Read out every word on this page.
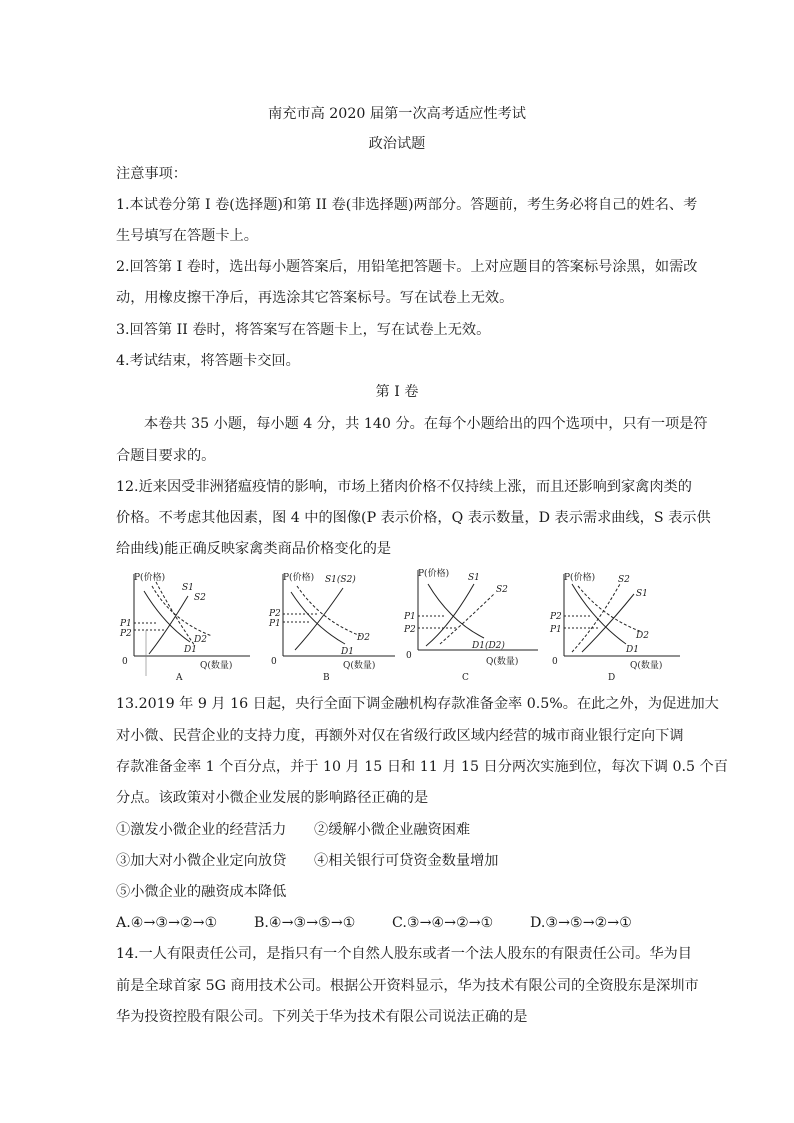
南充市高 2020 届第一次高考适应性考试
政治试题
注意事项：
1.本试卷分第 I 卷(选择题)和第 II 卷(非选择题)两部分。答题前，考生务必将自己的姓名、考
生号填写在答题卡上。
2.回答第 I 卷时，选出每小题答案后，用铅笔把答题卡。上对应题目的答案标号涂黑，如需改
动，用橡皮擦干净后，再选涂其它答案标号。写在试卷上无效。
3.回答第 II 卷时，将答案写在答题卡上，写在试卷上无效。
4.考试结束，将答题卡交回。
第 I 卷
本卷共 35 小题，每小题 4 分，共 140 分。在每个小题给出的四个选项中，只有一项是符
合题目要求的。
12.近来因受非洲猪瘟疫情的影响，市场上猪肉价格不仅持续上涨，而且还影响到家禽肉类的
价格。不考虑其他因素，图 4 中的图像(P 表示价格，Q 表示数量，D 表示需求曲线，S 表示供
给曲线)能正确反映家禽类商品价格变化的是
P(价格)
Q(数量)
0
S1
S2
D2
D1
P1
P2
A
P(价格)
Q(数量)
0
S1(S2)
D2
D1
P2
P1
B
P(价格)
Q(数量)
0
S1
S2
D1(D2)
P1
P2
C
P(价格)
Q(数量)
0
S2
S1
D2
D1
P2
P1
D
13.2019 年 9 月 16 日起，央行全面下调金融机构存款准备金率 0.5%。在此之外，为促进加大
对小微、民营企业的支持力度，再额外对仅在省级行政区域内经营的城市商业银行定向下调
存款准备金率 1 个百分点，并于 10 月 15 日和 11 月 15 日分两次实施到位，每次下调 0.5 个百
分点。该政策对小微企业发展的影响路径正确的是
①激发小微企业的经营活力 ②缓解小微企业融资困难
③加大对小微企业定向放贷 ④相关银行可贷资金数量增加
⑤小微企业的融资成本降低
A.④→③→②→①	B.④→③→⑤→①	C.③→④→②→①	D.③→⑤→②→①
14.一人有限责任公司，是指只有一个自然人股东或者一个法人股东的有限责任公司。华为目
前是全球首家 5G 商用技术公司。根据公开资料显示，华为技术有限公司的全资股东是深圳市
华为投资控股有限公司。下列关于华为技术有限公司说法正确的是
